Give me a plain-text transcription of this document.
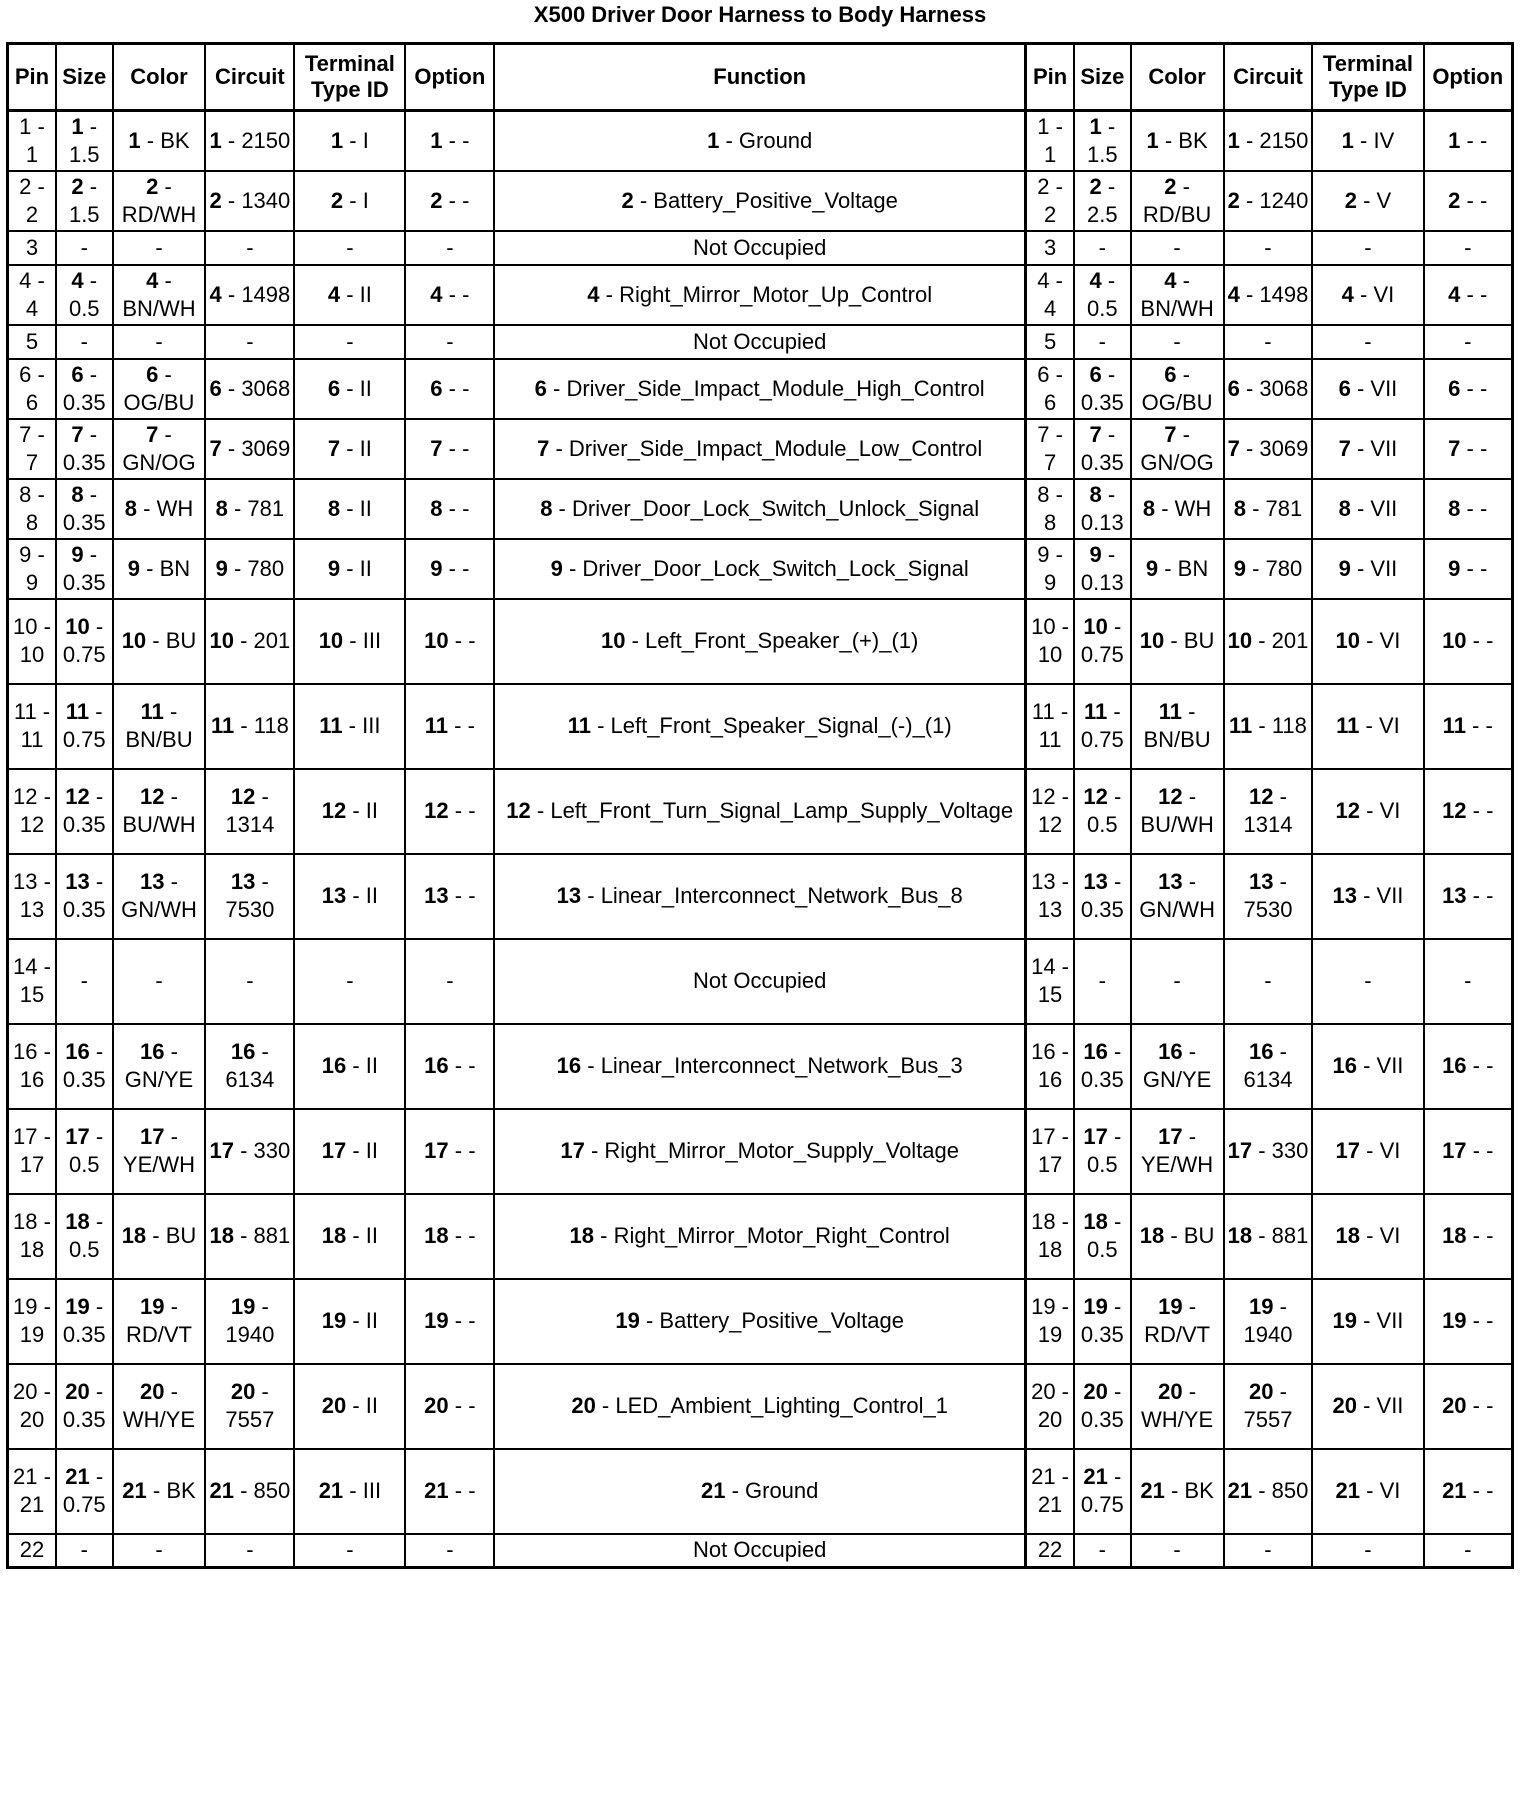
X500 Driver Door Harness to Body Harness
Pin	Size	Color	Circuit	Terminal Type ID	Option	Function	Pin	Size	Color	Circuit	Terminal Type ID	Option
1 - 1	1 - 1.5	1 - BK	1 - 2150	1 - I	1 - -	1 - Ground	1 - 1	1 - 1.5	1 - BK	1 - 2150	1 - IV	1 - -
2 - 2	2 - 1.5	2 - RD/WH	2 - 1340	2 - I	2 - -	2 - Battery_Positive_Voltage	2 - 2	2 - 2.5	2 - RD/BU	2 - 1240	2 - V	2 - -
3	-	-	-	-	-	Not Occupied	3	-	-	-	-	-
4 - 4	4 - 0.5	4 - BN/WH	4 - 1498	4 - II	4 - -	4 - Right_Mirror_Motor_Up_Control	4 - 4	4 - 0.5	4 - BN/WH	4 - 1498	4 - VI	4 - -
5	-	-	-	-	-	Not Occupied	5	-	-	-	-	-
6 - 6	6 - 0.35	6 - OG/BU	6 - 3068	6 - II	6 - -	6 - Driver_Side_Impact_Module_High_Control	6 - 6	6 - 0.35	6 - OG/BU	6 - 3068	6 - VII	6 - -
7 - 7	7 - 0.35	7 - GN/OG	7 - 3069	7 - II	7 - -	7 - Driver_Side_Impact_Module_Low_Control	7 - 7	7 - 0.35	7 - GN/OG	7 - 3069	7 - VII	7 - -
8 - 8	8 - 0.35	8 - WH	8 - 781	8 - II	8 - -	8 - Driver_Door_Lock_Switch_Unlock_Signal	8 - 8	8 - 0.13	8 - WH	8 - 781	8 - VII	8 - -
9 - 9	9 - 0.35	9 - BN	9 - 780	9 - II	9 - -	9 - Driver_Door_Lock_Switch_Lock_Signal	9 - 9	9 - 0.13	9 - BN	9 - 780	9 - VII	9 - -
10 - 10	10 - 0.75	10 - BU	10 - 201	10 - III	10 - -	10 - Left_Front_Speaker_(+)_(1)	10 - 10	10 - 0.75	10 - BU	10 - 201	10 - VI	10 - -
11 - 11	11 - 0.75	11 - BN/BU	11 - 118	11 - III	11 - -	11 - Left_Front_Speaker_Signal_(-)_(1)	11 - 11	11 - 0.75	11 - BN/BU	11 - 118	11 - VI	11 - -
12 - 12	12 - 0.35	12 - BU/WH	12 - 1314	12 - II	12 - -	12 - Left_Front_Turn_Signal_Lamp_Supply_Voltage	12 - 12	12 - 0.5	12 - BU/WH	12 - 1314	12 - VI	12 - -
13 - 13	13 - 0.35	13 - GN/WH	13 - 7530	13 - II	13 - -	13 - Linear_Interconnect_Network_Bus_8	13 - 13	13 - 0.35	13 - GN/WH	13 - 7530	13 - VII	13 - -
14 - 15	-	-	-	-	-	Not Occupied	14 - 15	-	-	-	-	-
16 - 16	16 - 0.35	16 - GN/YE	16 - 6134	16 - II	16 - -	16 - Linear_Interconnect_Network_Bus_3	16 - 16	16 - 0.35	16 - GN/YE	16 - 6134	16 - VII	16 - -
17 - 17	17 - 0.5	17 - YE/WH	17 - 330	17 - II	17 - -	17 - Right_Mirror_Motor_Supply_Voltage	17 - 17	17 - 0.5	17 - YE/WH	17 - 330	17 - VI	17 - -
18 - 18	18 - 0.5	18 - BU	18 - 881	18 - II	18 - -	18 - Right_Mirror_Motor_Right_Control	18 - 18	18 - 0.5	18 - BU	18 - 881	18 - VI	18 - -
19 - 19	19 - 0.35	19 - RD/VT	19 - 1940	19 - II	19 - -	19 - Battery_Positive_Voltage	19 - 19	19 - 0.35	19 - RD/VT	19 - 1940	19 - VII	19 - -
20 - 20	20 - 0.35	20 - WH/YE	20 - 7557	20 - II	20 - -	20 - LED_Ambient_Lighting_Control_1	20 - 20	20 - 0.35	20 - WH/YE	20 - 7557	20 - VII	20 - -
21 - 21	21 - 0.75	21 - BK	21 - 850	21 - III	21 - -	21 - Ground	21 - 21	21 - 0.75	21 - BK	21 - 850	21 - VI	21 - -
22	-	-	-	-	-	Not Occupied	22	-	-	-	-	-
